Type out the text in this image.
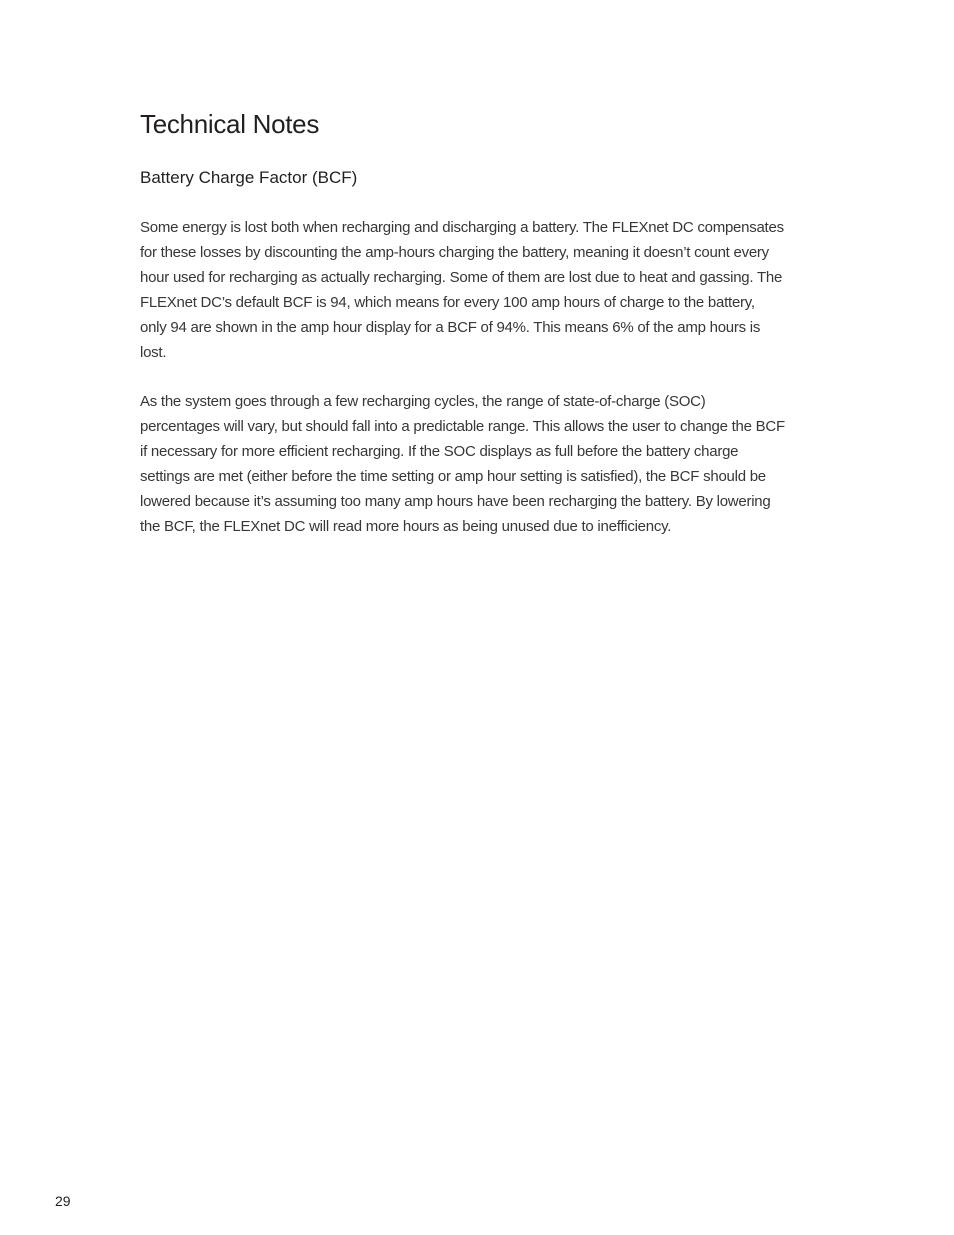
Technical Notes
Battery Charge Factor (BCF)

Some energy is lost both when recharging and discharging a battery. The FLEXnet DC compensates for these losses by discounting the amp-hours charging the battery, meaning it doesn’t count every hour used for recharging as actually recharging. Some of them are lost due to heat and gassing. The FLEXnet DC’s default BCF is 94, which means for every 100 amp hours of charge to the battery, only 94 are shown in the amp hour display for a BCF of 94%. This means 6% of the amp hours is lost.

As the system goes through a few recharging cycles, the range of state-of-charge (SOC) percentages will vary, but should fall into a predictable range. This allows the user to change the BCF if necessary for more efficient recharging. If the SOC displays as full before the battery charge settings are met (either before the time setting or amp hour setting is satisfied), the BCF should be lowered because it’s assuming too many amp hours have been recharging the battery. By lowering the BCF, the FLEXnet DC will read more hours as being unused due to inefficiency.

29
